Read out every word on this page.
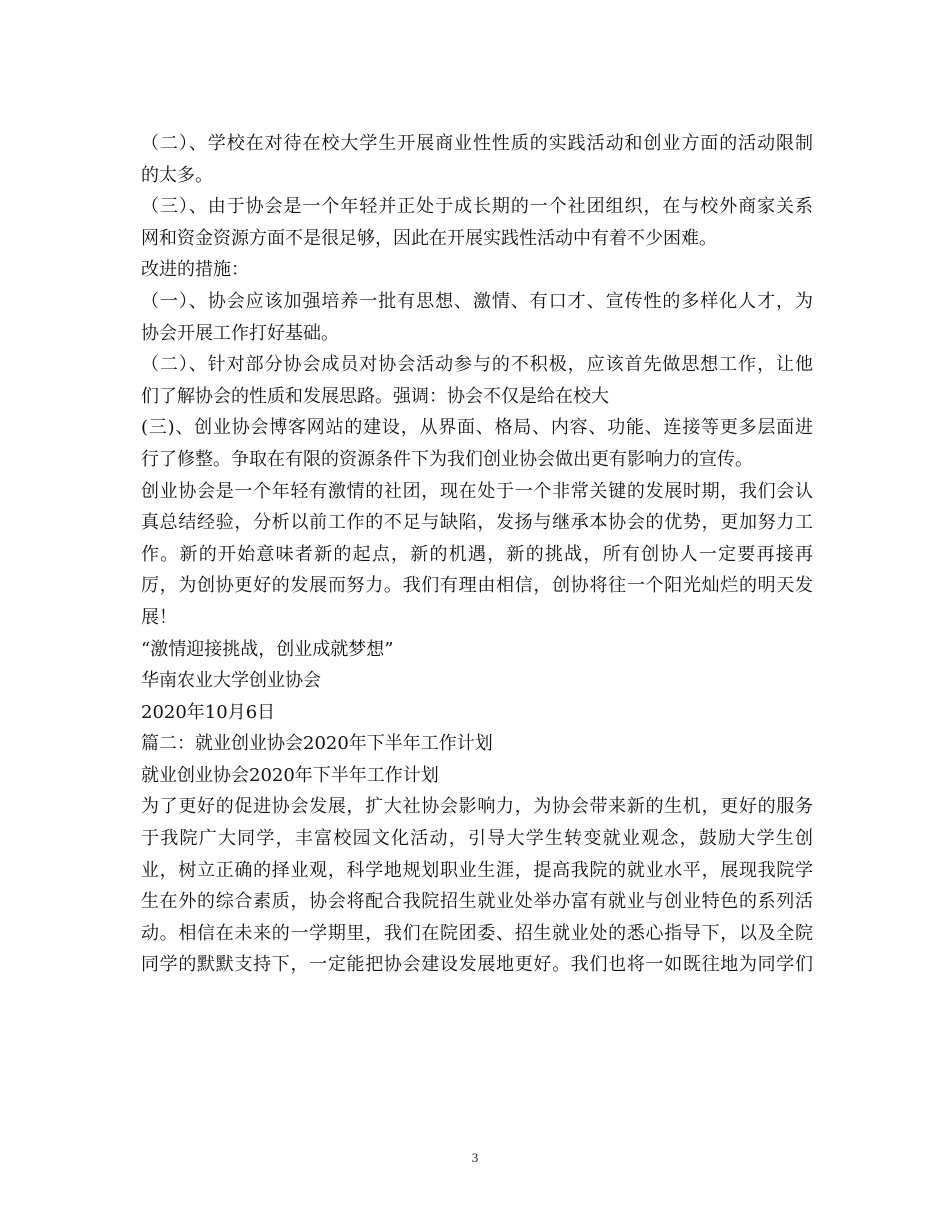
（二）、学校在对待在校大学生开展商业性性质的实践活动和创业方面的活动限制
的太多。
（三）、由于协会是一个年轻并正处于成长期的一个社团组织，在与校外商家关系
网和资金资源方面不是很足够，因此在开展实践性活动中有着不少困难。
改进的措施：
（一）、协会应该加强培养一批有思想、激情、有口才、宣传性的多样化人才，为
协会开展工作打好基础。
（二）、针对部分协会成员对协会活动参与的不积极，应该首先做思想工作，让他
们了解协会的性质和发展思路。强调：协会不仅是给在校大
(三)、创业协会博客网站的建设，从界面、格局、内容、功能、连接等更多层面进
行了修整。争取在有限的资源条件下为我们创业协会做出更有影响力的宣传。
创业协会是一个年轻有激情的社团，现在处于一个非常关键的发展时期，我们会认
真总结经验，分析以前工作的不足与缺陷，发扬与继承本协会的优势，更加努力工
作。新的开始意味者新的起点，新的机遇，新的挑战，所有创协人一定要再接再
厉，为创协更好的发展而努力。我们有理由相信，创协将往一个阳光灿烂的明天发
展！
“激情迎接挑战，创业成就梦想”
华南农业大学创业协会
2020年10月6日
篇二：就业创业协会2020年下半年工作计划
就业创业协会2020年下半年工作计划
为了更好的促进协会发展，扩大社协会影响力，为协会带来新的生机，更好的服务
于我院广大同学，丰富校园文化活动，引导大学生转变就业观念，鼓励大学生创
业，树立正确的择业观，科学地规划职业生涯，提高我院的就业水平，展现我院学
生在外的综合素质，协会将配合我院招生就业处举办富有就业与创业特色的系列活
动。相信在未来的一学期里，我们在院团委、招生就业处的悉心指导下，以及全院
同学的默默支持下，一定能把协会建设发展地更好。我们也将一如既往地为同学们
3
